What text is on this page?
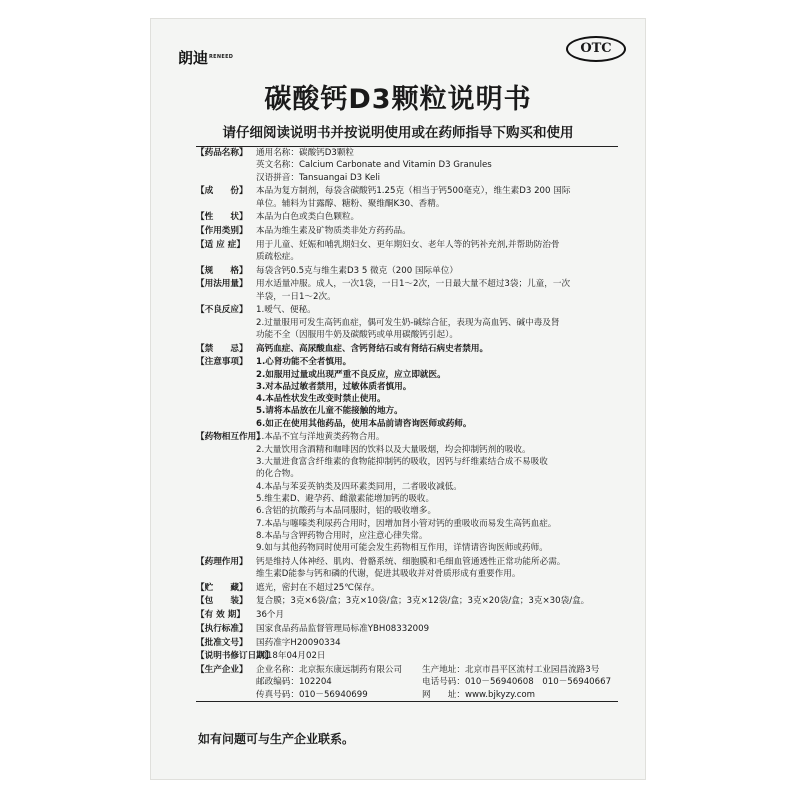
朗迪 RENEED
OTC
碳酸钙D3颗粒说明书
请仔细阅读说明书并按说明使用或在药师指导下购买和使用
【药品名称】 通用名称：碳酸钙D3颗粒
英文名称：Calcium Carbonate and Vitamin D3 Granules
汉语拼音：Tansuangai D3 Keli
【成　　份】 本品为复方制剂，每袋含碳酸钙1.25克（相当于钙500毫克），维生素D3 200 国际
单位。辅料为甘露醇、糖粉、聚维酮K30、香精。
【性　　状】 本品为白色或类白色颗粒。
【作用类别】 本品为维生素及矿物质类非处方药药品。
【适 应 症】	用于儿童、妊娠和哺乳期妇女、更年期妇女、老年人等的钙补充剂,并帮助防治骨
质疏松症。
【规　　格】 每袋含钙0.5克与维生素D3 5 微克（200 国际单位）
【用法用量】 用水适量冲服。成人，一次1袋，一日1～2次，一日最大量不超过3袋；儿童，一次
半袋，一日1～2次。
【不良反应】 1.嗳气、便秘。
2.过量服用可发生高钙血症，偶可发生奶-碱综合征，表现为高血钙、碱中毒及肾
功能不全（因服用牛奶及碳酸钙或单用碳酸钙引起）。
【禁　　忌】 高钙血症、高尿酸血症、含钙肾结石或有肾结石病史者禁用。
【注意事项】 1.心肾功能不全者慎用。
2.如服用过量或出现严重不良反应，应立即就医。
3.对本品过敏者禁用，过敏体质者慎用。
4.本品性状发生改变时禁止使用。
5.请将本品放在儿童不能接触的地方。
6.如正在使用其他药品，使用本品前请咨询医师或药师。
【药物相互作用】
1.本品不宜与洋地黄类药物合用。
2.大量饮用含酒精和咖啡因的饮料以及大量吸烟，均会抑制钙剂的吸收。
3.大量进食富含纤维素的食物能抑制钙的吸收，因钙与纤维素结合成不易吸收
的化合物。
4.本品与苯妥英钠类及四环素类同用，二者吸收减低。
5.维生素D、避孕药、雌激素能增加钙的吸收。
6.含铝的抗酸药与本品同服时，铝的吸收增多。
7.本品与噻嗪类利尿药合用时，因增加肾小管对钙的重吸收而易发生高钙血症。
8.本品与含钾药物合用时，应注意心律失常。
9.如与其他药物同时使用可能会发生药物相互作用，详情请咨询医师或药师。
【药理作用】 钙是维持人体神经、肌肉、骨骼系统、细胞膜和毛细血管通透性正常功能所必需。
维生素D能参与钙和磷的代谢，促进其吸收并对骨质形成有重要作用。
【贮　　藏】 遮光，密封在不超过25℃保存。
【包　　装】 复合膜；3克×6袋/盒；3克×10袋/盒；3克×12袋/盒；3克×20袋/盒；3克×30袋/盒。
【有 效 期】	36个月
【执行标准】 国家食品药品监督管理局标准YBH08332009
【批准文号】 国药准字H20090334
【说明书修订日期】
2018年04月02日
【生产企业】 企业名称：北京振东康远制药有限公司	生产地址：北京市昌平区流村工业园昌流路3号
邮政编码：102204	电话号码：010－56940608　010－56940667
传真号码：010－56940699	网　　址：www.bjkyzy.com
如有问题可与生产企业联系。
